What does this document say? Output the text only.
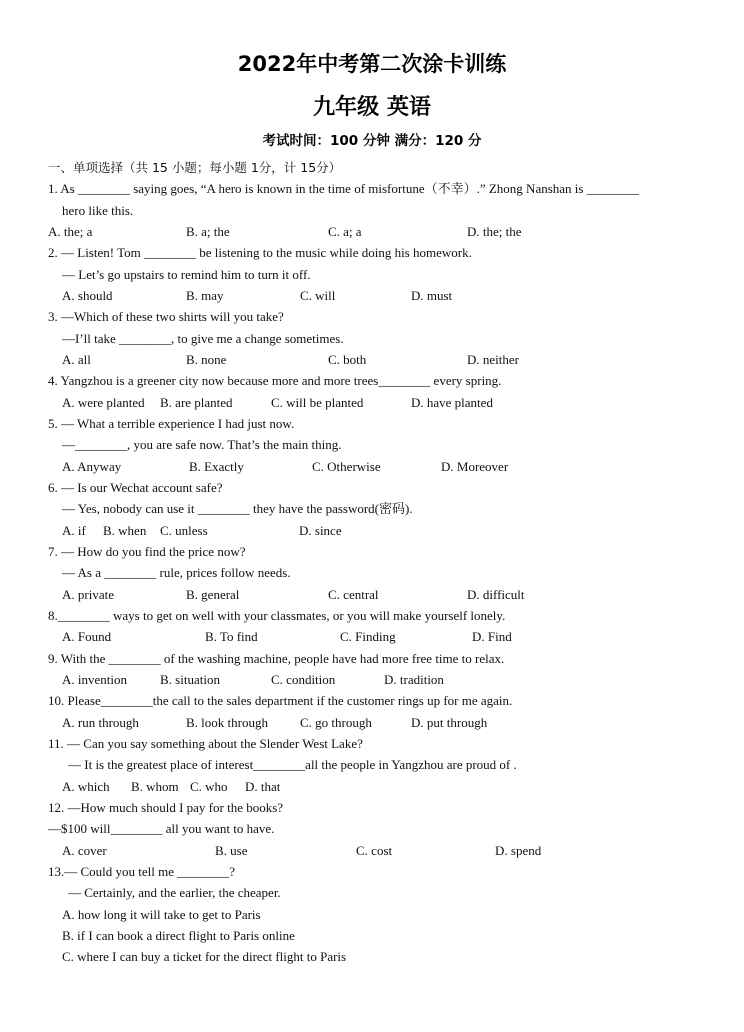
2022年中考第二次涂卡训练
九年级 英语
考试时间：100 分钟 满分：120 分
一、单项选择（共 15 小题；每小题 1分，计 15分）
1. As ________ saying goes, “A hero is known in the time of misfortune（不幸）.” Zhong Nanshan is ________
hero like this.
A. the; a	B. a; the	C. a; a	D. the; the
2. — Listen! Tom ________ be listening to the music while doing his homework.
— Let’s go upstairs to remind him to turn it off.
A. should	B. may	C. will	D. must
3. —Which of these two shirts will you take?
—I’ll take ________, to give me a change sometimes.
A. all	B. none	C. both	D. neither
4. Yangzhou is a greener city now because more and more trees________ every spring.
A. were planted B. are planted	C. will be planted	D. have planted
5. — What a terrible experience I had just now.
—________, you are safe now. That’s the main thing.
A. Anyway	B. Exactly	C. Otherwise	D. Moreover
6. — Is our Wechat account safe?
— Yes, nobody can use it ________ they have the password(密码).
A. if B. when C. unless	D. since
7. — How do you find the price now?
— As a ________ rule, prices follow needs.
A. private	B. general	C. central	D. difficult
8.________ ways to get on well with your classmates, or you will make yourself lonely.
A. Found	B. To find	C. Finding	D. Find
9. With the ________ of the washing machine, people have had more free time to relax.
A. invention	B. situation	C. condition	D. tradition
10. Please________the call to the sales department if the customer rings up for me again.
A. run through	B. look through C. go through	D. put through
11. — Can you say something about the Slender West Lake?
— It is the greatest place of interest________all the people in Yangzhou are proud of .
A. which B. whom C. who D. that
12. —How much should I pay for the books?
—$100 will________ all you want to have.
A. cover	B. use	C. cost	D. spend
13.— Could you tell me ________?
— Certainly, and the earlier, the cheaper.
A. how long it will take to get to Paris
B. if I can book a direct flight to Paris online
C. where I can buy a ticket for the direct flight to Paris
